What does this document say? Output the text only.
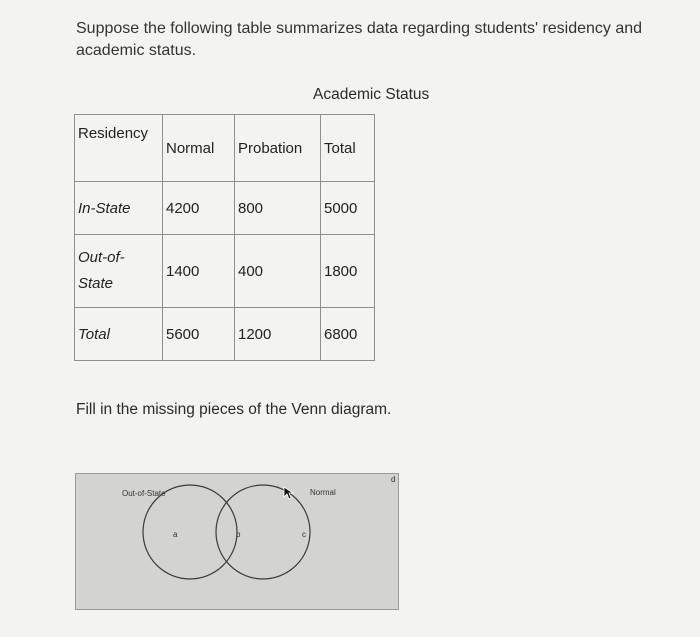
Suppose the following table summarizes data regarding students' residency and academic status.
Academic Status
Residency	Normal	Probation	Total
In-State	4200	800	5000

Out-of-
State	1400	400	1800
Total	5600	1200	6800
Fill in the missing pieces of the Venn diagram.
Out-of-State	Normal
a	b	c
d
